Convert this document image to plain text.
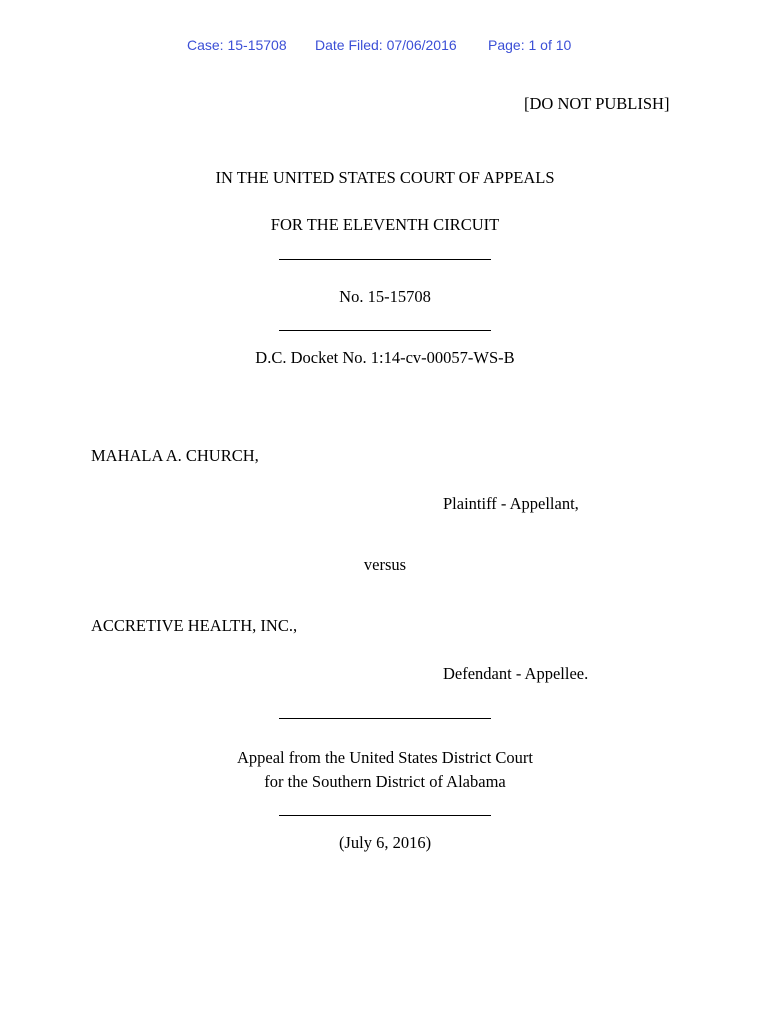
Case: 15-15708 Date Filed: 07/06/2016 Page: 1 of 10
[DO NOT PUBLISH]
IN THE UNITED STATES COURT OF APPEALS
FOR THE ELEVENTH CIRCUIT
No. 15-15708
D.C. Docket No. 1:14-cv-00057-WS-B
MAHALA A. CHURCH,
Plaintiff - Appellant,
versus
ACCRETIVE HEALTH, INC.,
Defendant - Appellee.
Appeal from the United States District Court
for the Southern District of Alabama
(July 6, 2016)
